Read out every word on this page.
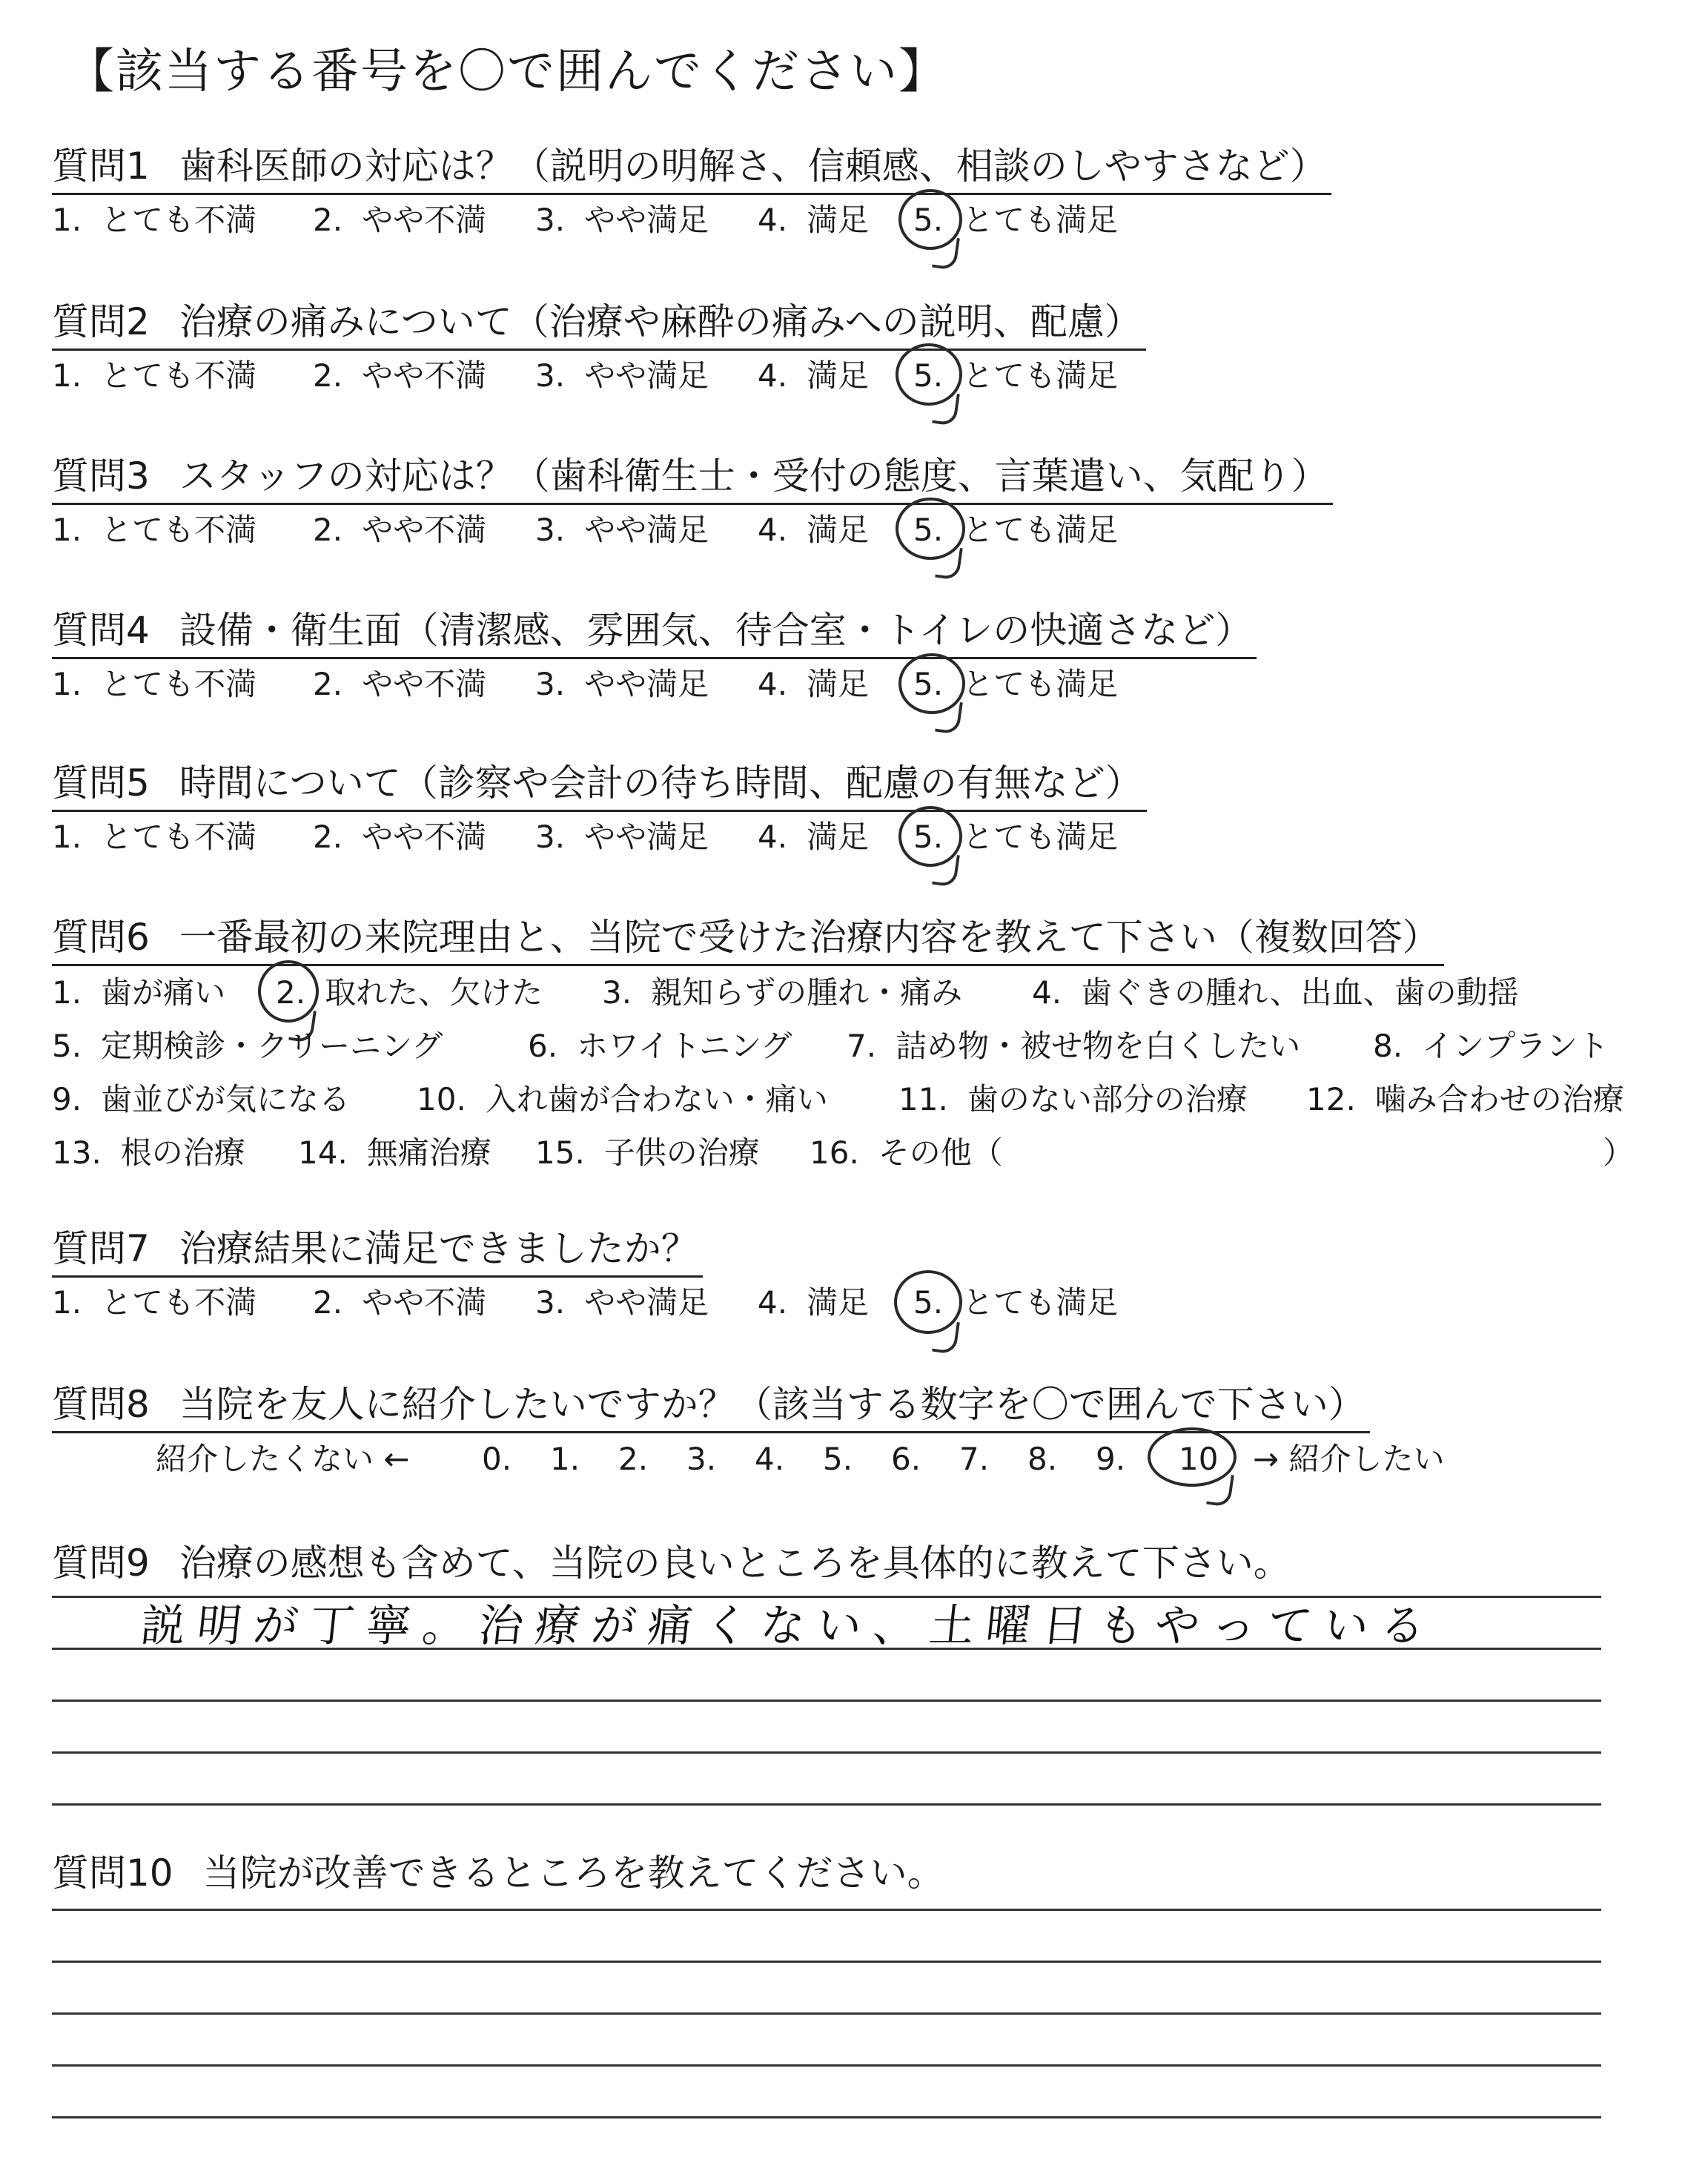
【該当する番号を〇で囲んでください】
質問1 歯科医師の対応は？（説明の明解さ、信頼感、相談のしやすさなど）
1. とても不満 2. やや不満 3. やや満足 4. 満足 5. とても満足
質問2 治療の痛みについて（治療や麻酔の痛みへの説明、配慮）
1. とても不満 2. やや不満 3. やや満足 4. 満足 5. とても満足
質問3 スタッフの対応は？（歯科衛生士・受付の態度、言葉遣い、気配り）
1. とても不満 2. やや不満 3. やや満足 4. 満足 5. とても満足
質問4 設備・衛生面（清潔感、雰囲気、待合室・トイレの快適さなど）
1. とても不満 2. やや不満 3. やや満足 4. 満足 5. とても満足
質問5 時間について（診察や会計の待ち時間、配慮の有無など）
1. とても不満 2. やや不満 3. やや満足 4. 満足 5. とても満足
質問6 一番最初の来院理由と、当院で受けた治療内容を教えて下さい（複数回答）
1. 歯が痛い 2. 取れた、欠けた 3. 親知らずの腫れ・痛み 4. 歯ぐきの腫れ、出血、歯の動揺
5. 定期検診・クリーニング	6. ホワイトニング 7. 詰め物・被せ物を白くしたい 8. インプラント
9. 歯並びが気になる 10. 入れ歯が合わない・痛い 11. 歯のない部分の治療 12. 噛み合わせの治療
13. 根の治療 14. 無痛治療 15. 子供の治療 16. その他（	）
質問7 治療結果に満足できましたか？
1. とても不満 2. やや不満 3. やや満足 4. 満足 5. とても満足
質問8 当院を友人に紹介したいですか？（該当する数字を〇で囲んで下さい）
紹介したくない ← 0. 1. 2. 3. 4. 5. 6. 7. 8. 9. 10 → 紹介したい
質問9 治療の感想も含めて、当院の良いところを具体的に教えて下さい。
説明が丁寧。治療が痛くない、土曜日もやっている
質問10 当院が改善できるところを教えてください。
